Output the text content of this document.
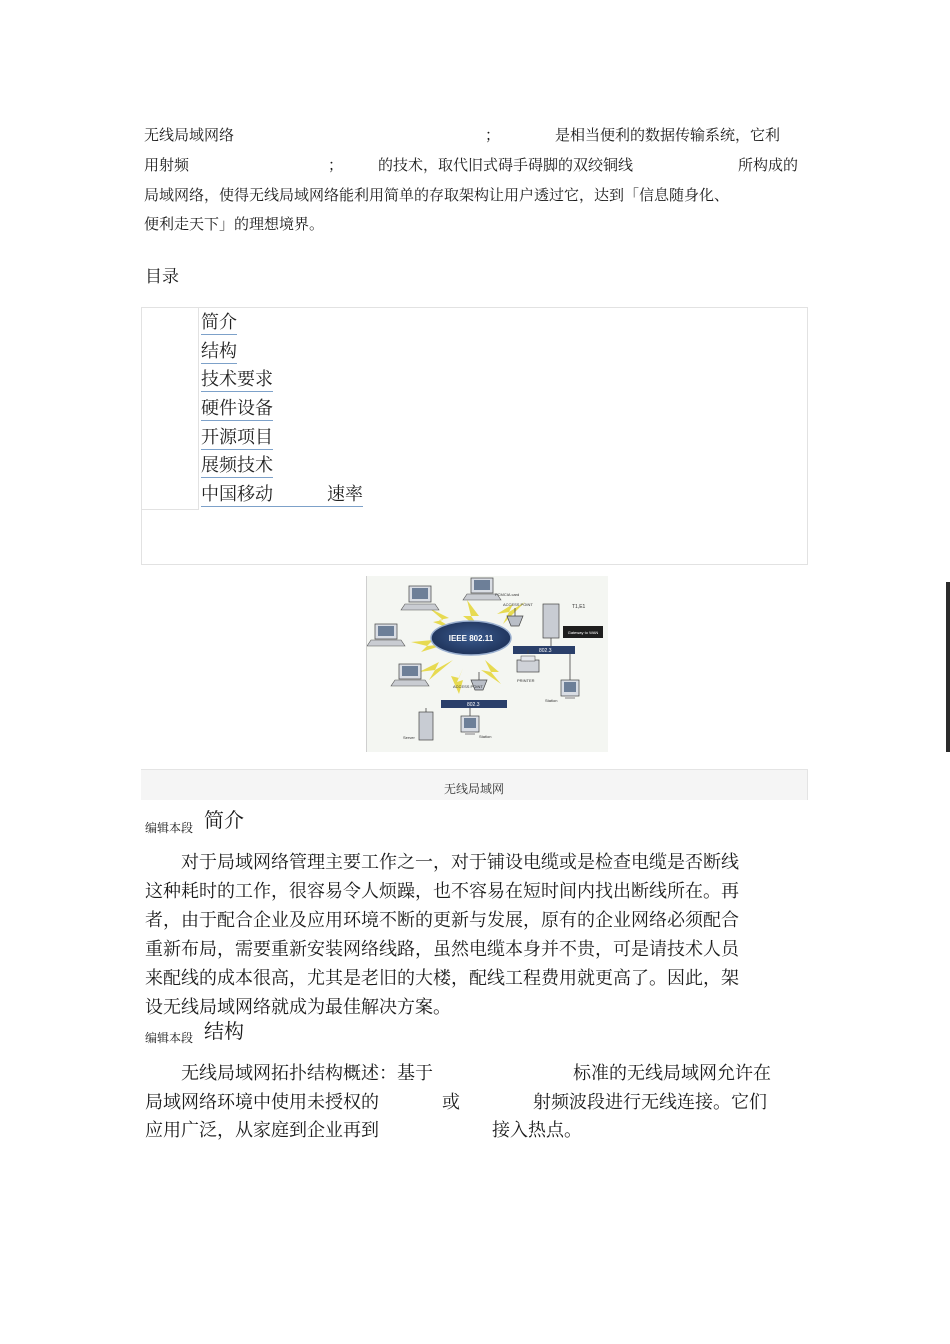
无线局域网络	；	是相当便利的数据传输系统，它利
用射频	； 的技术，取代旧式碍手碍脚的双绞铜线	所构成的
局域网络，使得无线局域网络能利用简单的存取架构让用户透过它，达到「信息随身化、
便利走天下」的理想境界。
目录
简介
结构
技术要求
硬件设备
开源项目
展频技术
中国移动	速率
IEEE 802.11
PCMCIA card
ACCESS POINT
ACCESS POINT
802.3
802.3
T1,E1
Gateway to WAN
PRINTER
Station
Server	Station
无线局域网
编辑本段 简介
对于局域网络管理主要工作之一，对于铺设电缆或是检查电缆是否断线
这种耗时的工作，很容易令人烦躁，也不容易在短时间内找出断线所在。再
者，由于配合企业及应用环境不断的更新与发展，原有的企业网络必须配合
重新布局，需要重新安装网络线路，虽然电缆本身并不贵，可是请技术人员
来配线的成本很高，尤其是老旧的大楼，配线工程费用就更高了。因此，架
设无线局域网络就成为最佳解决方案。
编辑本段 结构
无线局域网拓扑结构概述：基于	标准的无线局域网允许在
局域网络环境中使用未授权的	或	射频波段进行无线连接。它们
应用广泛，从家庭到企业再到	接入热点。
